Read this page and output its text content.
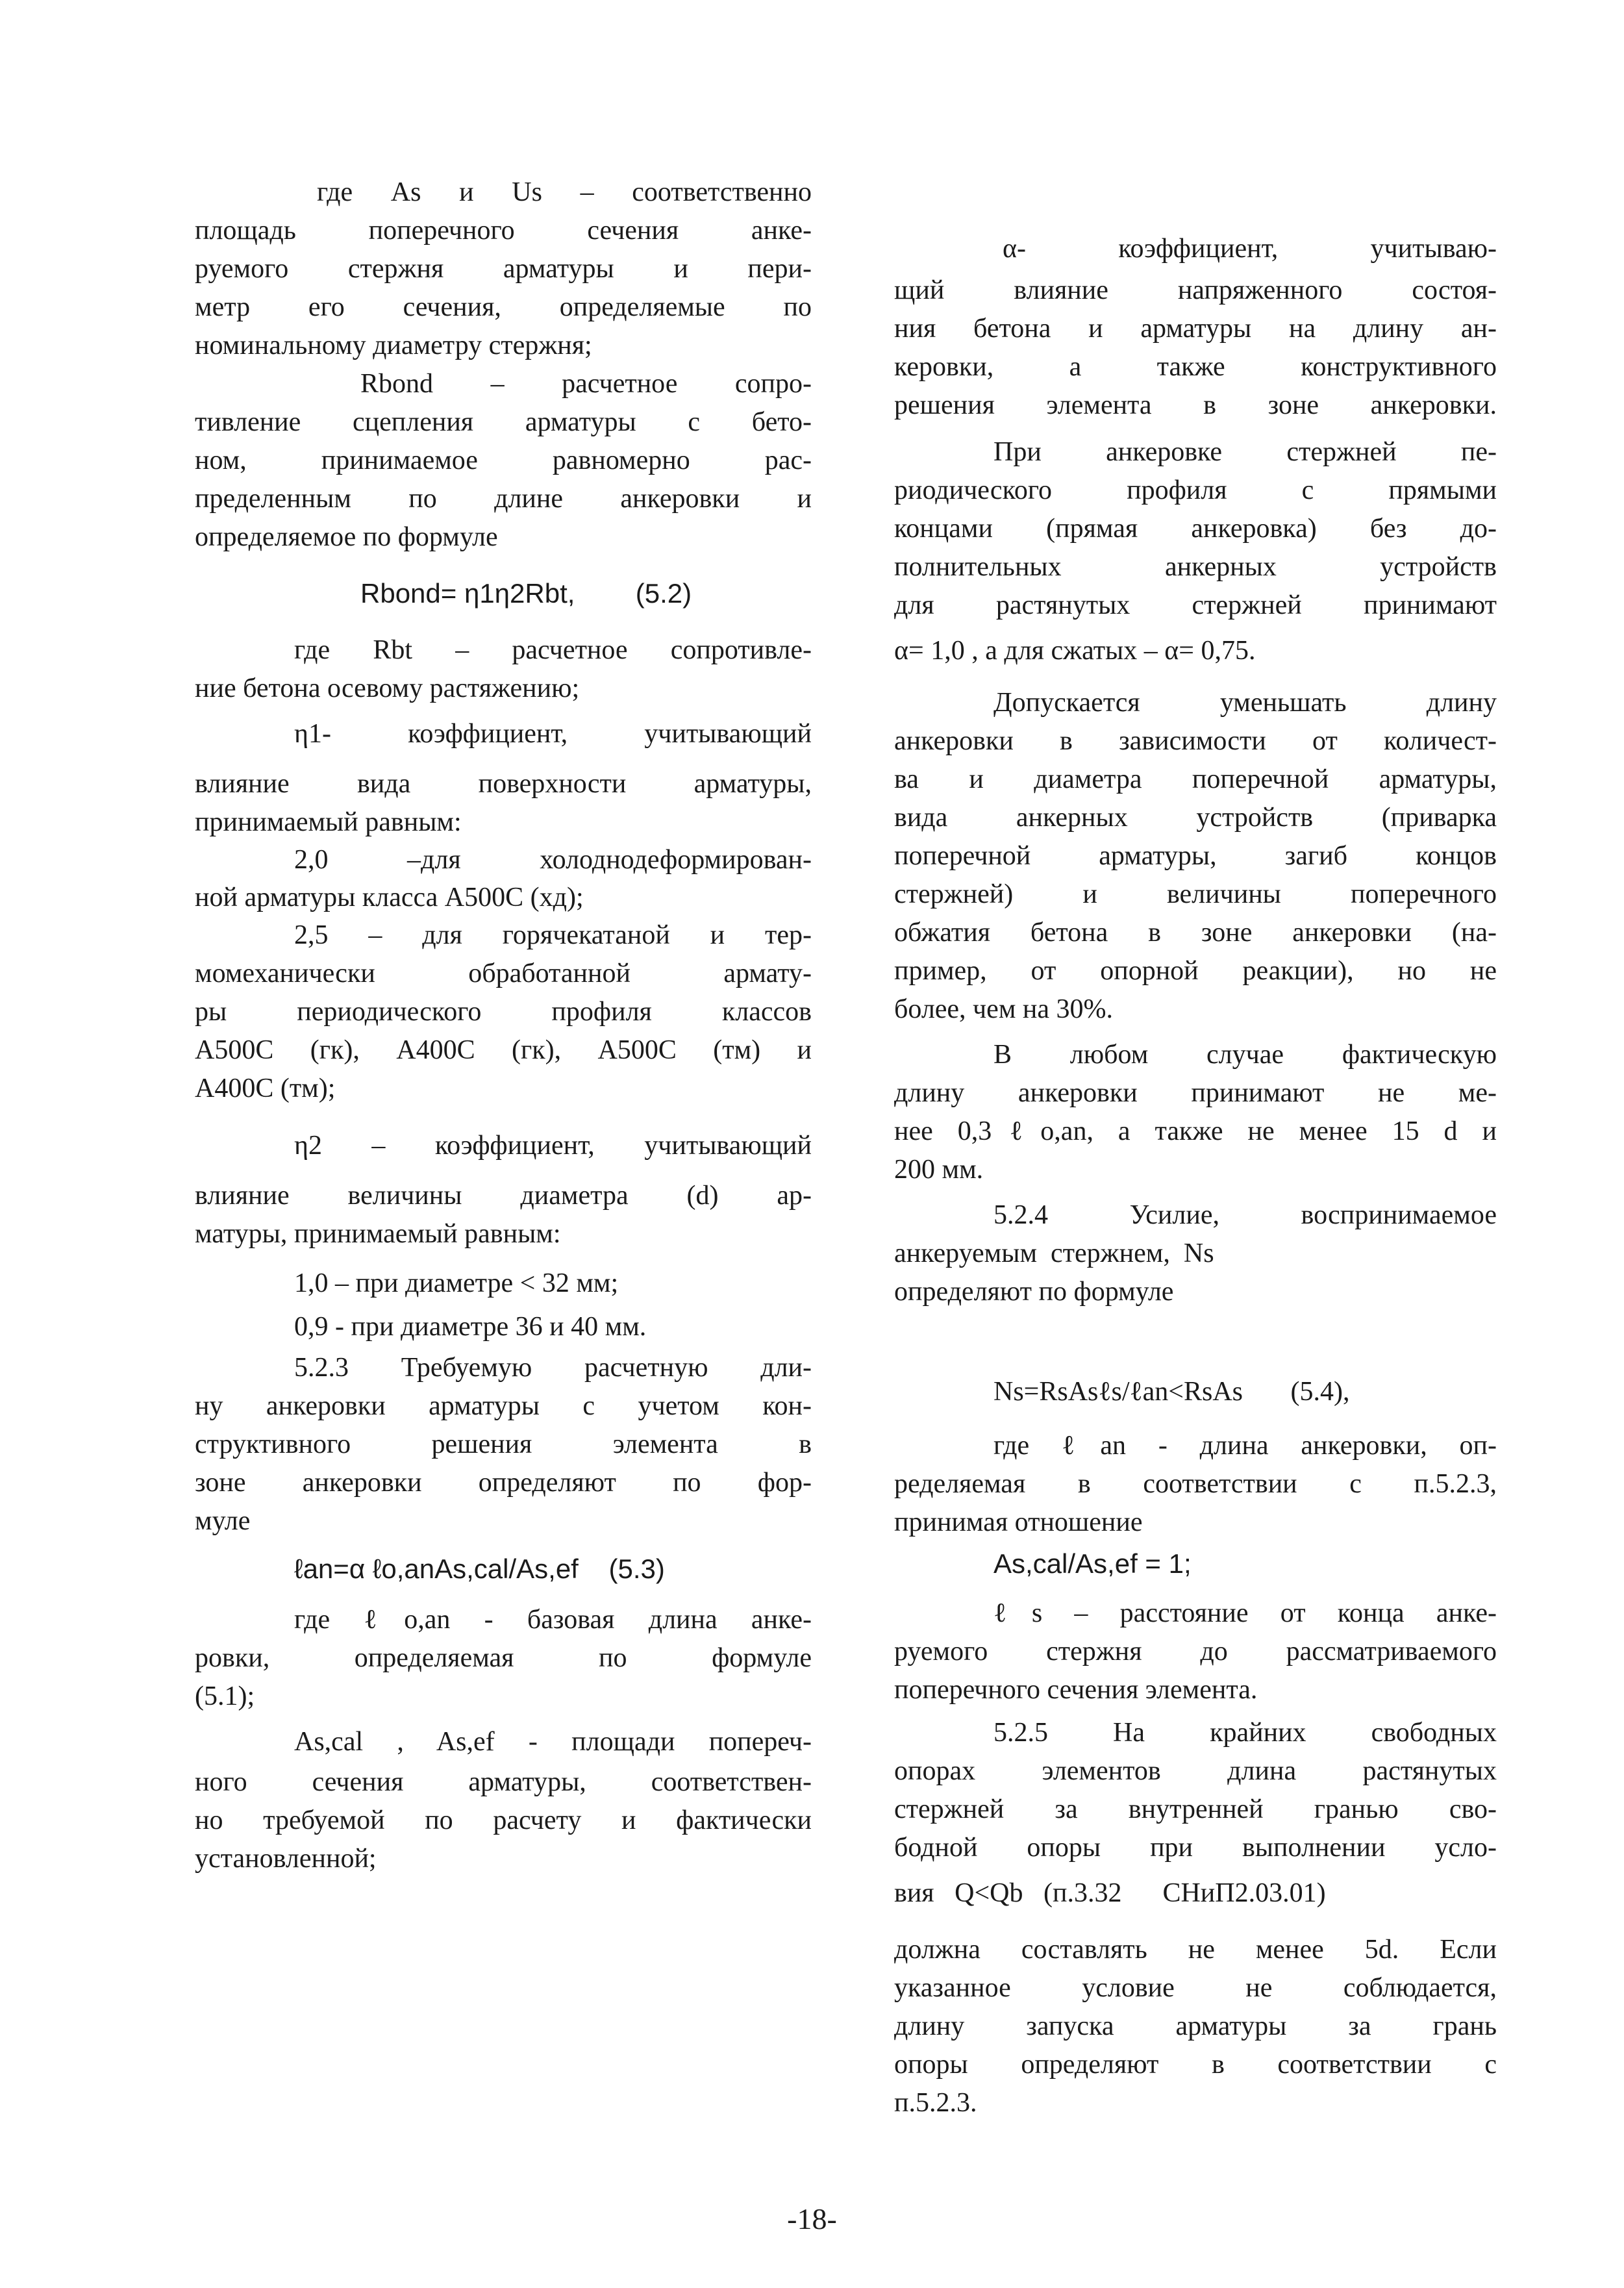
где As и Us – соответственно
площадь поперечного сечения анке-
руемого стержня арматуры и пери-
метр его сечения, определяемые по
номинальному диаметру стержня;
Rbond – расчетное сопро-
тивление сцепления арматуры с бето-
ном, принимаемое равномерно рас-
пределенным по длине анкеровки и
определяемое по формуле
Rbond= η1η2Rbt,        (5.2)
где Rbt – расчетное сопротивле-
ние бетона осевому растяжению;
η1- коэффициент, учитывающий
влияние вида поверхности арматуры,
принимаемый равным:
2,0 –для холоднодеформирован-
ной арматуры класса А500С (хд);
2,5 – для горячекатаной и тер-
момеханически обработанной армату-
ры периодического профиля классов
А500С (гк), А400С (гк), А500С (тм) и
А400С (тм);
η2 – коэффициент, учитывающий
влияние величины диаметра (d) ар-
матуры, принимаемый равным:
1,0 – при диаметре < 32 мм;
0,9 - при диаметре 36 и 40 мм.
5.2.3 Требуемую расчетную дли-
ну анкеровки арматуры с учетом кон-
структивного решения элемента в
зоне анкеровки определяют по фор-
муле
ℓan=α ℓo,anAs,cal/As,ef    (5.3)
где ℓo,an - базовая длина анке-
ровки, определяемая по формуле
(5.1);
As,cal , As,ef - площади попереч-
ного сечения арматуры, соответствен-
но требуемой по расчету и фактически
установленной;
α- коэффициент, учитываю-
щий влияние напряженного состоя-
ния бетона и арматуры на длину ан-
керовки, а также конструктивного
решения элемента в зоне анкеровки.
При анкеровке стержней пе-
риодического профиля с прямыми
концами (прямая анкеровка) без до-
полнительных анкерных устройств
для растянутых стержней принимают
α= 1,0 , а для сжатых – α= 0,75.
Допускается уменьшать длину
анкеровки в зависимости от количест-
ва и диаметра поперечной арматуры,
вида анкерных устройств (приварка
поперечной арматуры, загиб концов
стержней) и величины поперечного
обжатия бетона в зоне анкеровки (на-
пример, от опорной реакции), но не
более, чем на 30%.
В любом случае фактическую
длину анкеровки принимают не ме-
нее 0,3ℓo,an, а также не менее 15 d и
200 мм.
5.2.4 Усилие, воспринимаемое
анкеруемым  стержнем,  Ns
определяют по формуле
Ns=RsAsℓs/ℓan<RsAs       (5.4),
где ℓan - длина анкеровки, оп-
ределяемая в соответствии с п.5.2.3,
принимая отношение
As,cal/As,ef = 1;
ℓs – расстояние от конца анке-
руемого стержня до рассматриваемого
поперечного сечения элемента.
5.2.5 На крайних свободных
опорах элементов длина растянутых
стержней за внутренней гранью сво-
бодной опоры при выполнении усло-
вия   Q<Qb   (п.3.32      СНиП2.03.01)
должна составлять не менее 5d. Если
указанное условие не соблюдается,
длину запуска арматуры за грань
опоры определяют в соответствии с
п.5.2.3.
-18-
